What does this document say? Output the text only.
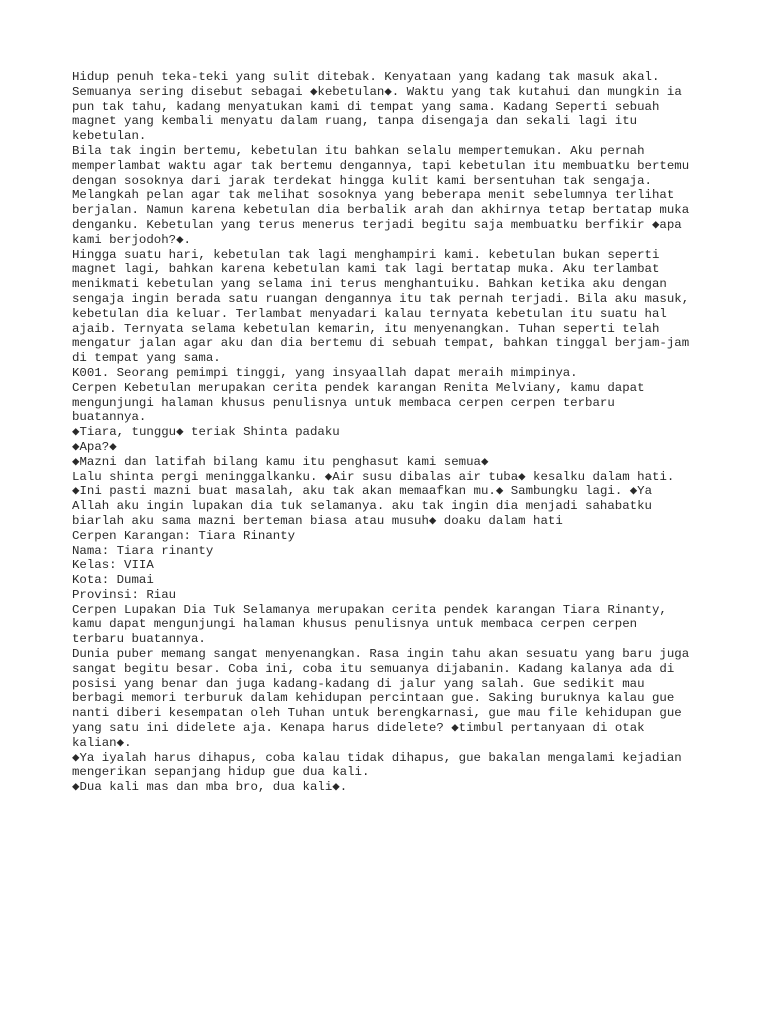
Hidup penuh teka-teki yang sulit ditebak. Kenyataan yang kadang tak masuk akal.
Semuanya sering disebut sebagai ◆kebetulan◆. Waktu yang tak kutahui dan mungkin ia
pun tak tahu, kadang menyatukan kami di tempat yang sama. Kadang Seperti sebuah
magnet yang kembali menyatu dalam ruang, tanpa disengaja dan sekali lagi itu
kebetulan.

Bila tak ingin bertemu, kebetulan itu bahkan selalu mempertemukan. Aku pernah
memperlambat waktu agar tak bertemu dengannya, tapi kebetulan itu membuatku bertemu
dengan sosoknya dari jarak terdekat hingga kulit kami bersentuhan tak sengaja.
Melangkah pelan agar tak melihat sosoknya yang beberapa menit sebelumnya terlihat
berjalan. Namun karena kebetulan dia berbalik arah dan akhirnya tetap bertatap muka
denganku. Kebetulan yang terus menerus terjadi begitu saja membuatku berfikir ◆apa
kami berjodoh?◆.

Hingga suatu hari, kebetulan tak lagi menghampiri kami. kebetulan bukan seperti
magnet lagi, bahkan karena kebetulan kami tak lagi bertatap muka. Aku terlambat
menikmati kebetulan yang selama ini terus menghantuiku. Bahkan ketika aku dengan
sengaja ingin berada satu ruangan dengannya itu tak pernah terjadi. Bila aku masuk,
kebetulan dia keluar. Terlambat menyadari kalau ternyata kebetulan itu suatu hal
ajaib. Ternyata selama kebetulan kemarin, itu menyenangkan. Tuhan seperti telah
mengatur jalan agar aku dan dia bertemu di sebuah tempat, bahkan tinggal berjam-jam
di tempat yang sama.

K001. Seorang pemimpi tinggi, yang insyaallah dapat meraih mimpinya.

Cerpen Kebetulan merupakan cerita pendek karangan Renita Melviany, kamu dapat
mengunjungi halaman khusus penulisnya untuk membaca cerpen cerpen terbaru
buatannya.

◆Tiara, tunggu◆ teriak Shinta padaku
◆Apa?◆
◆Mazni dan latifah bilang kamu itu penghasut kami semua◆
Lalu shinta pergi meninggalkanku. ◆Air susu dibalas air tuba◆ kesalku dalam hati.
◆Ini pasti mazni buat masalah, aku tak akan memaafkan mu.◆ Sambungku lagi. ◆Ya
Allah aku ingin lupakan dia tuk selamanya. aku tak ingin dia menjadi sahabatku
biarlah aku sama mazni berteman biasa atau musuh◆ doaku dalam hati

Cerpen Karangan: Tiara Rinanty
Nama: Tiara rinanty
Kelas: VIIA
Kota: Dumai
Provinsi: Riau

Cerpen Lupakan Dia Tuk Selamanya merupakan cerita pendek karangan Tiara Rinanty,
kamu dapat mengunjungi halaman khusus penulisnya untuk membaca cerpen cerpen
terbaru buatannya.

Dunia puber memang sangat menyenangkan. Rasa ingin tahu akan sesuatu yang baru juga
sangat begitu besar. Coba ini, coba itu semuanya dijabanin. Kadang kalanya ada di
posisi yang benar dan juga kadang-kadang di jalur yang salah. Gue sedikit mau
berbagi memori terburuk dalam kehidupan percintaan gue. Saking buruknya kalau gue
nanti diberi kesempatan oleh Tuhan untuk berengkarnasi, gue mau file kehidupan gue
yang satu ini didelete aja. Kenapa harus didelete? ◆timbul pertanyaan di otak
kalian◆.
◆Ya iyalah harus dihapus, coba kalau tidak dihapus, gue bakalan mengalami kejadian
mengerikan sepanjang hidup gue dua kali.
◆Dua kali mas dan mba bro, dua kali◆.
